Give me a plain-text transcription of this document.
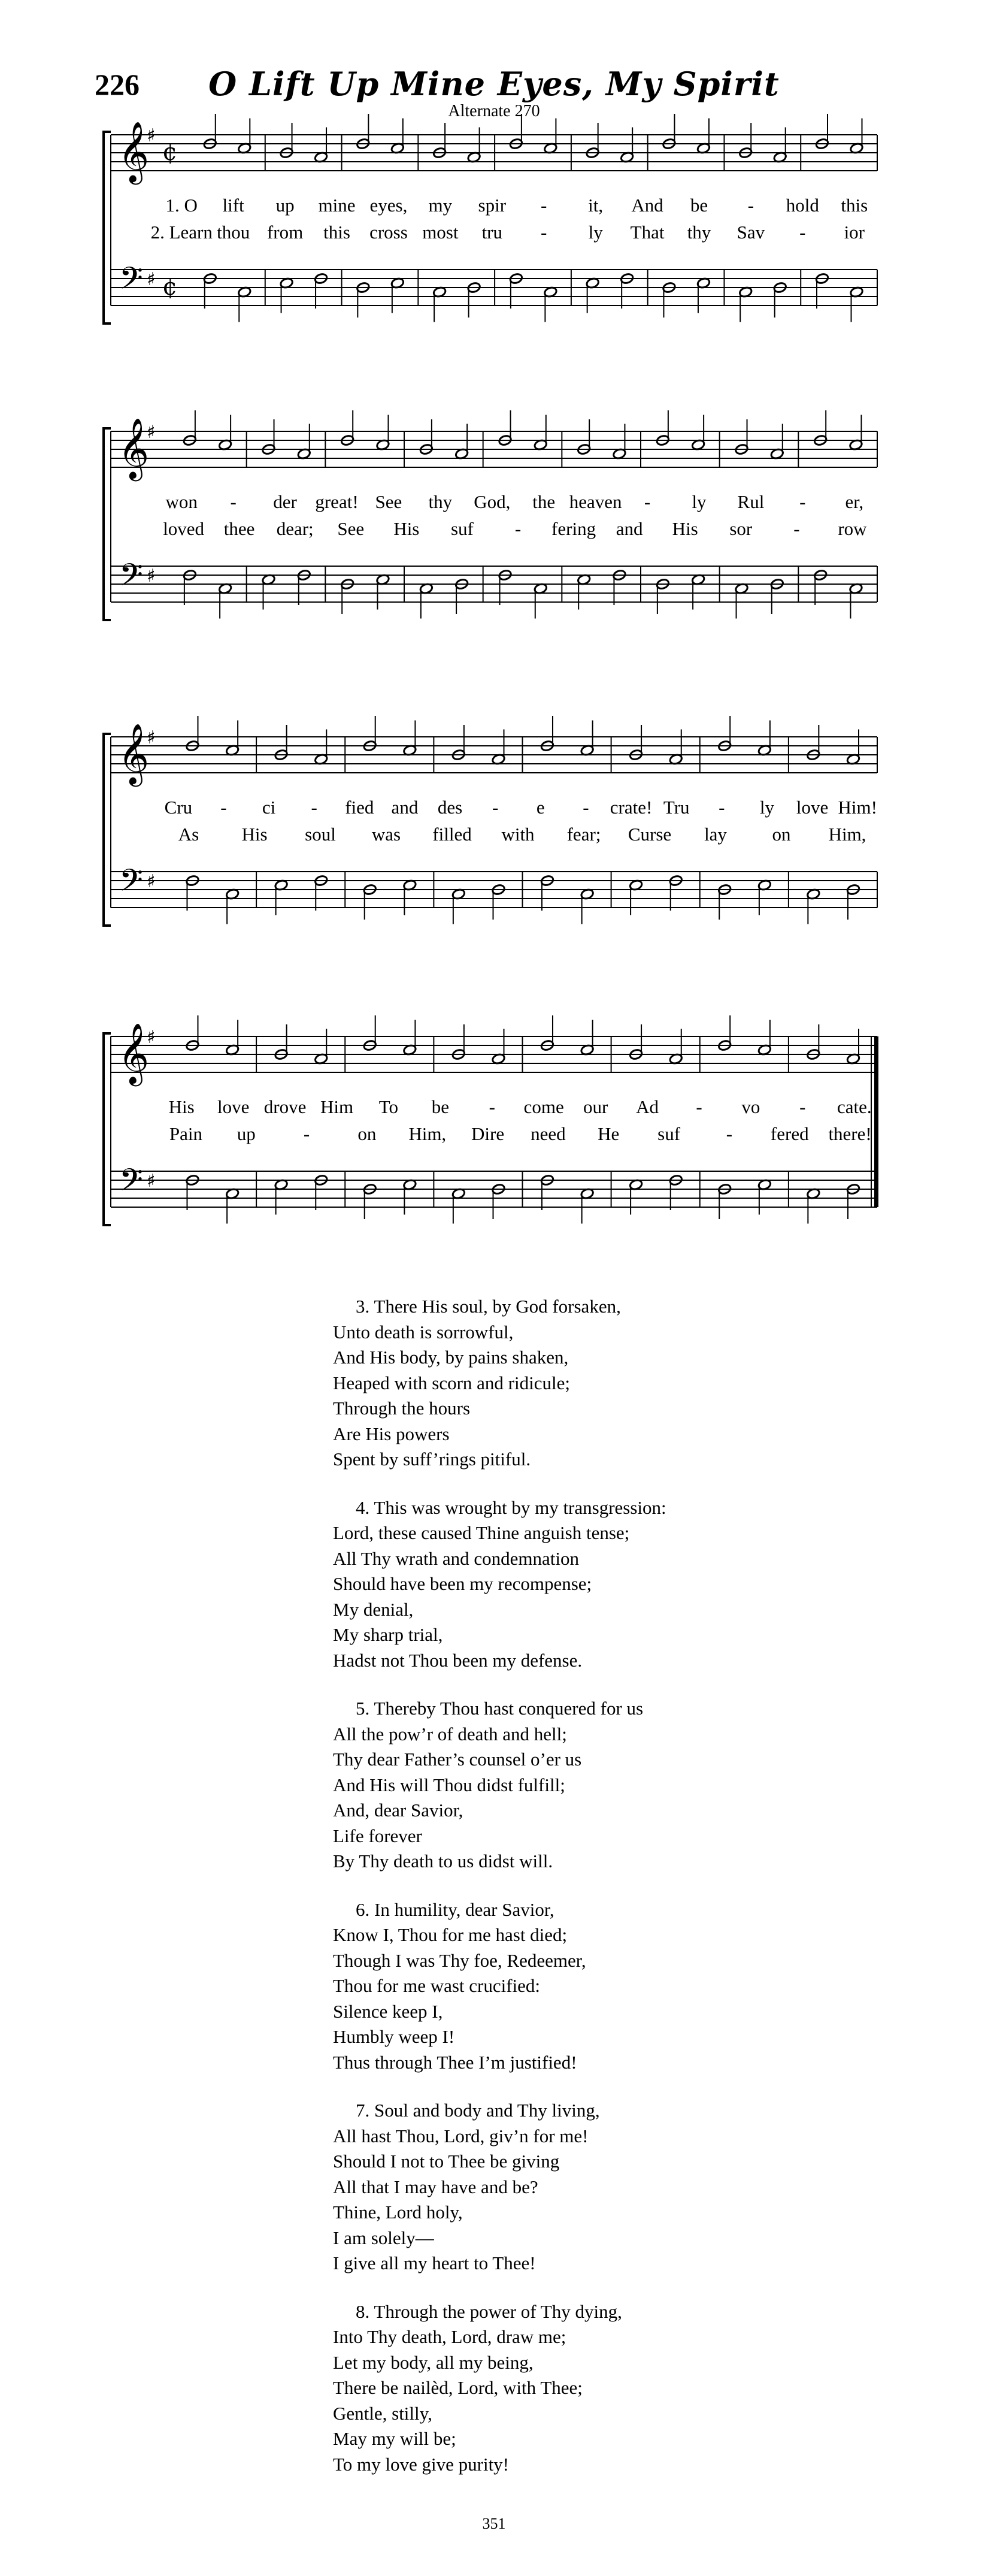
226	O Lift Up Mine Eyes, My Spirit
Alternate 270
𝄞
𝄢
♯
♯
¢
¢
1. O lift up mine eyes, my spir - it, And be - hold this
2. Learn thou from this cross most tru - ly That thy Sav - ior
𝄞
𝄢
♯
♯
won - der great! See thy God, the heaven - ly Rul - er,
loved thee dear; See His suf - fering and His sor - row
𝄞
𝄢
♯
♯
Cru - ci - fied and des - e - crate! Tru - ly love Him!
As His soul was filled with fear; Curse lay on Him,
𝄞
𝄢
♯
♯
His love drove Him To be - come our Ad - vo - cate.
Pain up	-	on Him, Dire need He suf - fered there!
3. There His soul, by God forsaken,
Unto death is sorrowful,
And His body, by pains shaken,
Heaped with scorn and ridicule;
Through the hours
Are His powers
Spent by suff’rings pitiful.
4. This was wrought by my transgression:
Lord, these caused Thine anguish tense;
All Thy wrath and condemnation
Should have been my recompense;
My denial,
My sharp trial,
Hadst not Thou been my defense.
5. Thereby Thou hast conquered for us
All the pow’r of death and hell;
Thy dear Father’s counsel o’er us
And His will Thou didst fulfill;
And, dear Savior,
Life forever
By Thy death to us didst will.
6. In humility, dear Savior,
Know I, Thou for me hast died;
Though I was Thy foe, Redeemer,
Thou for me wast crucified:
Silence keep I,
Humbly weep I!
Thus through Thee I’m justified!
7. Soul and body and Thy living,
All hast Thou, Lord, giv’n for me!
Should I not to Thee be giving
All that I may have and be?
Thine, Lord holy,
I am solely—
I give all my heart to Thee!
8. Through the power of Thy dying,
Into Thy death, Lord, draw me;
Let my body, all my being,
There be nailèd, Lord, with Thee;
Gentle, stilly,
May my will be;
To my love give purity!
351
